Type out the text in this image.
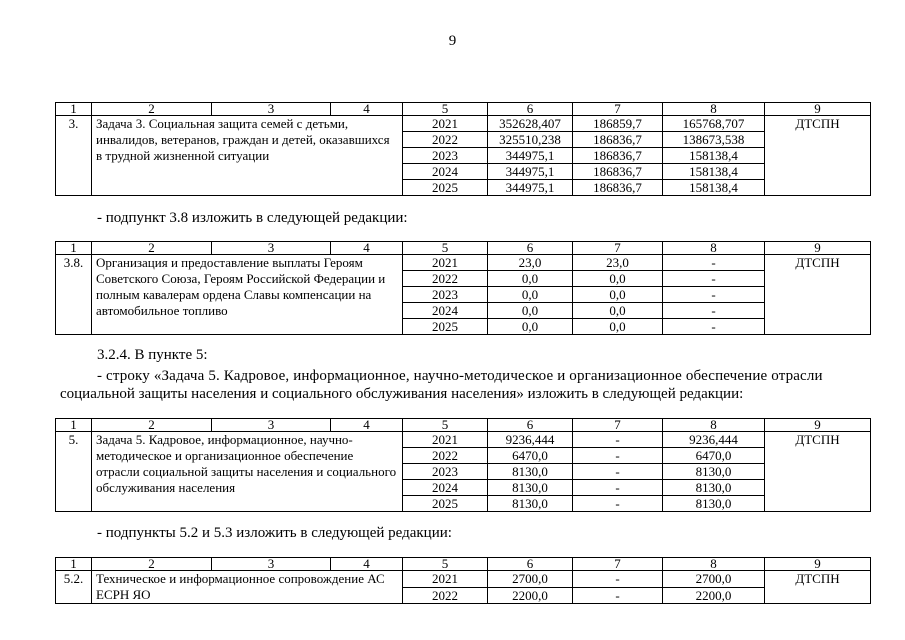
9
1	2	3	4	5	6	7	8	9
3.	Задача 3. Социальная защита семей с детьми, инвалидов, ветеранов, граждан и детей, оказавшихся в трудной жизненной ситуации			2021	352628,407	186859,7	165768,707	ДТСПН
				2022	325510,238	186836,7	138673,538	
				2023	344975,1	186836,7	158138,4	
				2024	344975,1	186836,7	158138,4	
				2025	344975,1	186836,7	158138,4	
- подпункт 3.8 изложить в следующей редакции:
1	2	3	4	5	6	7	8	9
3.8.	Организация и предоставление выплаты Героям Советского Союза, Героям Российской Федерации и полным кавалерам ордена Славы компенсации на автомобильное топливо			2021	23,0	23,0	-	ДТСПН
				2022	0,0	0,0	-	
				2023	0,0	0,0	-	
				2024	0,0	0,0	-	
				2025	0,0	0,0	-	
3.2.4. В пункте 5:
- строку «Задача 5. Кадровое, информационное, научно-методическое и организационное обеспечение отрасли
социальной защиты населения и социального обслуживания населения» изложить в следующей редакции:
1	2	3	4	5	6	7	8	9
5.	Задача 5. Кадровое, информационное, научно-методическое и организационное обеспечение отрасли социальной защиты населения и социального обслуживания населения			2021	9236,444	-	9236,444	ДТСПН
				2022	6470,0	-	6470,0	
				2023	8130,0	-	8130,0	
				2024	8130,0	-	8130,0	
				2025	8130,0	-	8130,0	
- подпункты 5.2 и 5.3 изложить в следующей редакции:
1	2	3	4	5	6	7	8	9
5.2.	Техническое и информационное сопровождение АС ЕСРН ЯО			2021	2700,0	-	2700,0	ДТСПН
				2022	2200,0	-	2200,0	
